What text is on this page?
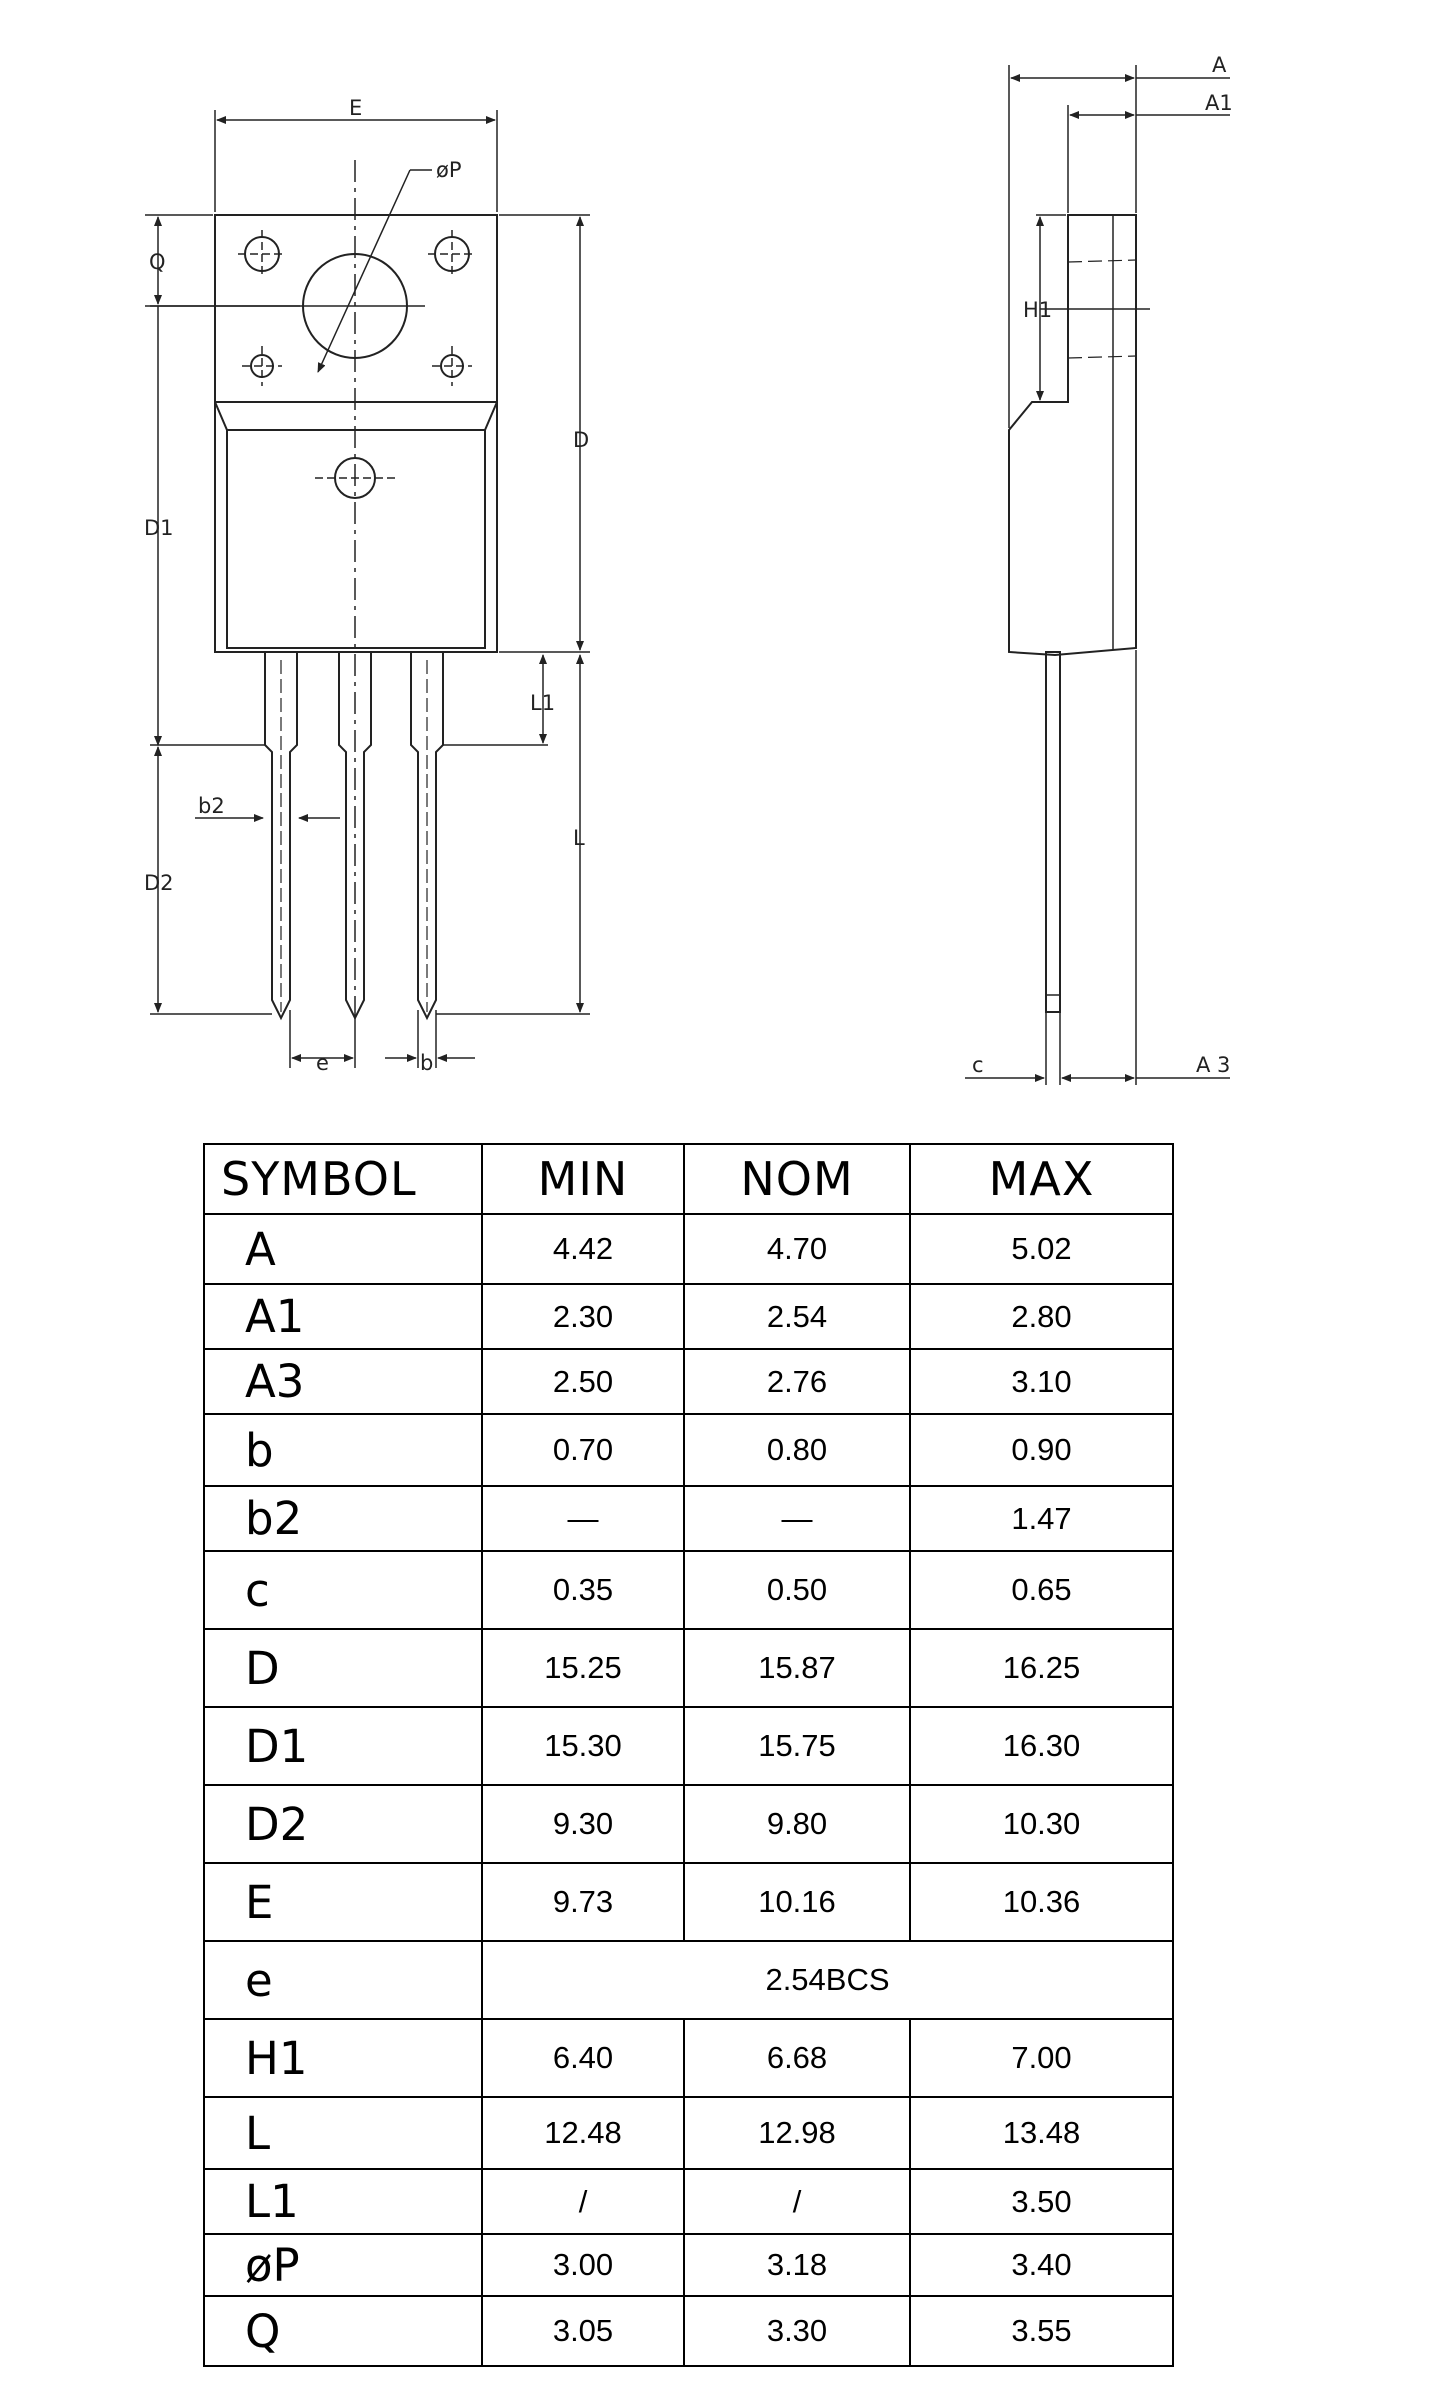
E
øP
Q
D
D1
D2
L1
L
b2
e	b
A
A1
H1
c	A 3
SYMBOL	MIN	NOM	MAX
A	4.42	4.70	5.02
A1	2.30	2.54	2.80
A3	2.50	2.76	3.10
b	0.70	0.80	0.90
b2	—	—	1.47
c	0.35	0.50	0.65
D	15.25	15.87	16.25
D1	15.30	15.75	16.30
D2	9.30	9.80	10.30
E	9.73	10.16	10.36
e	2.54BCS		
H1	6.40	6.68	7.00
L	12.48	12.98	13.48
L1	/	/	3.50
øP	3.00	3.18	3.40
Q	3.05	3.30	3.55
